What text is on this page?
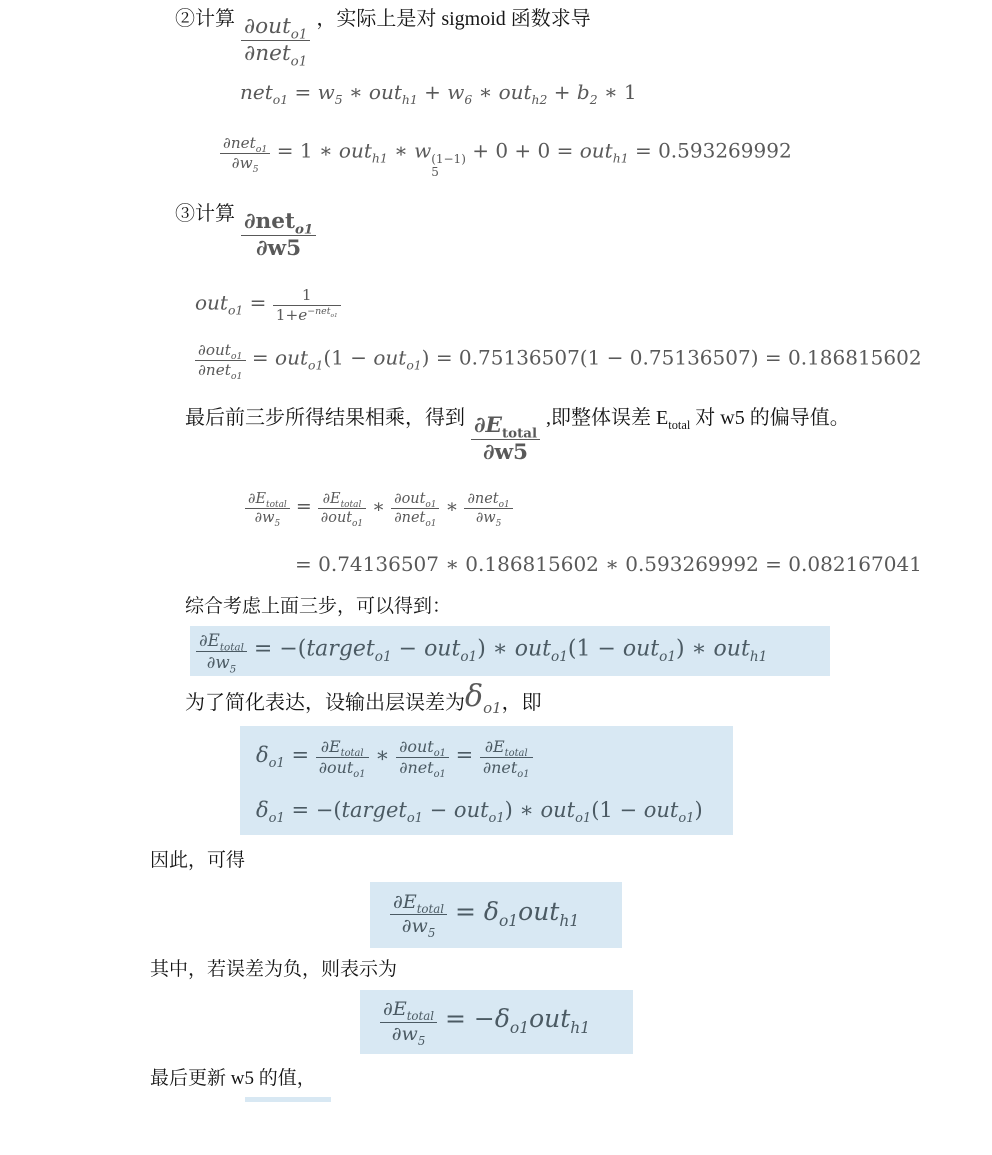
②计算 $\frac{\partial out_{o1}}{\partial net_{o1}}$ ，实际上是对 sigmoid 函数求导
$net_{o1} = w_5$ ∗ $out_{h1} + w_6$ ∗ $out_{h2} + b_2$ ∗ 1
$\frac{\partial net_{o1}}{\partial w_5} = 1$ ∗ out$_{h1}$ ∗ w (1−1)
5
+ 0 + 0 = out$_{h1}$ = 0.593269992
③计算 $\frac{\partial net_{o1}}{\partial w5}$
$out_{o1} = \frac{1}{1+e^{-net_{o1}}}$
$\frac{\partial out_{o1}}{\partial net_{o1}} = out_{o1}(1 - out_{o1}) = 0.75136507(1 - 0.75136507) = 0.186815602$
最后前三步所得结果相乘，得到 $\frac{\partial E_{total}}{\partial w5}$ ,即整体误差 $E_{total}$ 对 w5 的偏导值。
$\frac{\partial E_{total}}{\partial w_5} = \frac{\partial E_{total}}{\partial out_{o1}}$ ∗ $\frac{\partial out_{o1}}{\partial net_{o1}}$ ∗ $\frac{\partial net_{o1}}{\partial w_5}$
= 0.74136507 ∗ 0.186815602 ∗ 0.593269992 = 0.082167041
综合考虑上面三步，可以得到：
$\frac{\partial E_{total}}{\partial w_5}$ = −(target$_{o1}$ − out$_{o1}$) ∗ out$_{o1}$(1 − out$_{o1}$) ∗ out$_{h1}$
为了简化表达，设输出层误差为$\delta_{o1}$，即
$\delta_{o1} = \frac{\partial E_{total}}{\partial out_{o1}}$ ∗ $\frac{\partial out_{o1}}{\partial net_{o1}} = \frac{\partial E_{total}}{\partial net_{o1}}$
$\delta_{o1}$ = −(target$_{o1}$ − out$_{o1}$) ∗ out$_{o1}$(1 − out$_{o1}$)
因此，可得
$\frac{\partial E_{total}}{\partial w_5} = \delta_{o1}out_{h1}$
其中，若误差为负，则表示为
$\frac{\partial E_{total}}{\partial w_5} = -\delta_{o1}out_{h1}$
最后更新 w5 的值，
